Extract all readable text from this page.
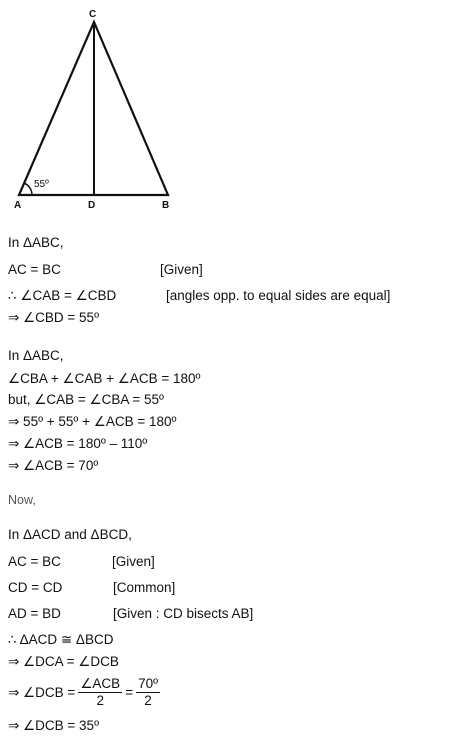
C
A	D	B
55º
In ΔABC,
AC = BC	[Given]
∴ ∠CAB = ∠CBD	[angles opp. to equal sides are equal]
⇒ ∠CBD = 55º
In ΔABC,
∠CBA + ∠CAB + ∠ACB = 180º
but, ∠CAB = ∠CBA = 55º
⇒ 55º + 55º + ∠ACB = 180º
⇒ ∠ACB = 180º – 110º
⇒ ∠ACB = 70º
Now,
In ΔACD and ΔBCD,
AC = BC	[Given]
CD = CD	[Common]
AD = BD	[Given : CD bisects AB]
∴ ΔACD ≅ ΔBCD
⇒ ∠DCA = ∠DCB
⇒ ∠DCB = $\frac{\text{∠ACB}}{2} = \frac{\text{70º}}{2}$
⇒ ∠DCB = 35º
